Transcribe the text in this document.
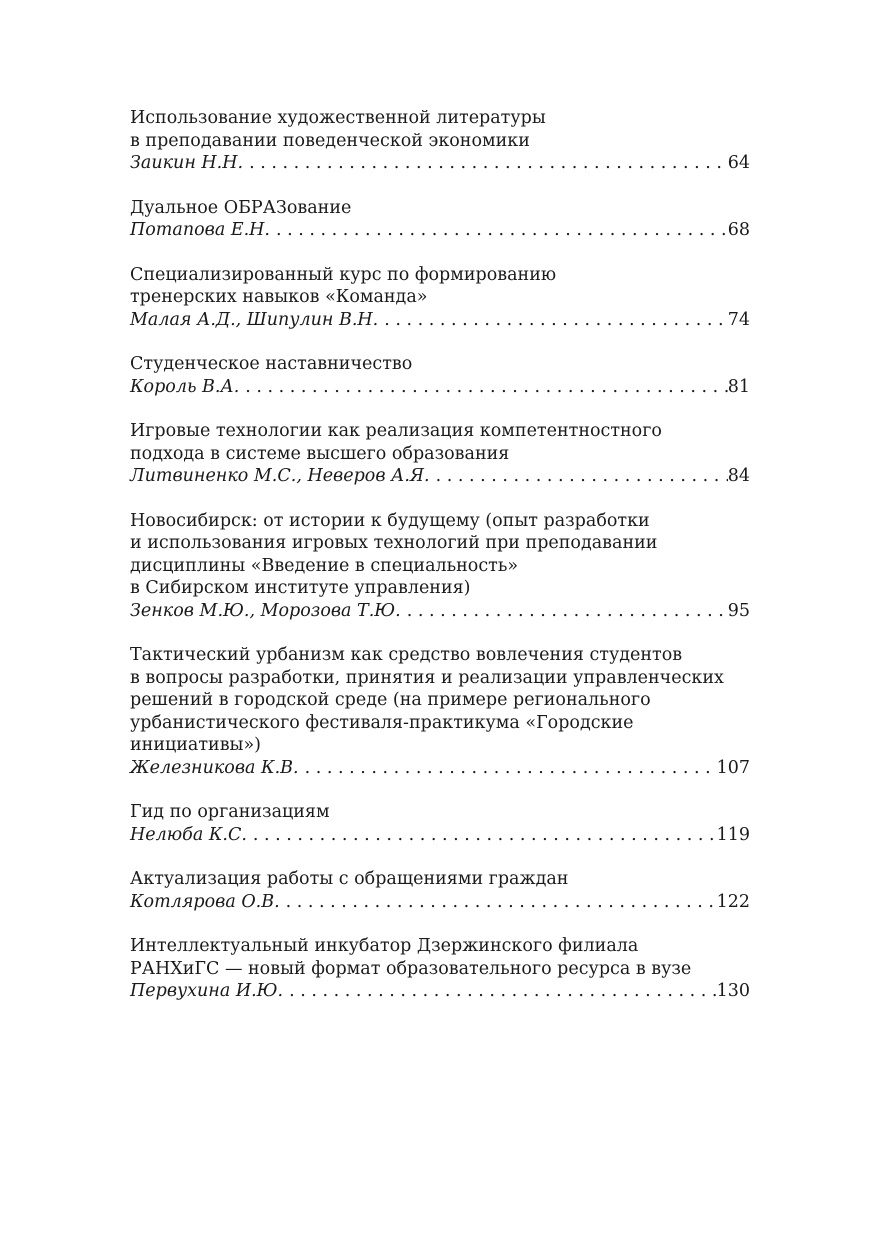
Использование художественной литературы
в преподавании поведенческой экономики
Заикин Н.Н. . . .	64
Дуальное ОБРАЗование
Потапова Е.Н. . . .	68
Специализированный курс по формированию
тренерских навыков «Команда»
Малая А.Д., Шипулин В.Н. . . .	74
Студенческое наставничество
Король В.А. . . .	81
Игровые технологии как реализация компетентностного
подхода в системе высшего образования
Литвиненко М.С., Неверов А.Я. . . .	84
Новосибирск: от истории к будущему (опыт разработки
и использования игровых технологий при преподавании
дисциплины «Введение в специальность»
в Сибирском институте управления)
Зенков М.Ю., Морозова Т.Ю. . . .	95
Тактический урбанизм как средство вовлечения студентов
в вопросы разработки, принятия и реализации управленческих
решений в городской среде (на примере регионального
урбанистического фестиваля-практикума «Городские
инициативы»)
Железникова К.В. . . .	107
Гид по организациям
Нелюба К.С. . . .	119
Актуализация работы с обращениями граждан
Котлярова О.В. . . .	122
Интеллектуальный инкубатор Дзержинского филиала
РАНХиГС — новый формат образовательного ресурса в вузе
Первухина И.Ю. . . .	130
